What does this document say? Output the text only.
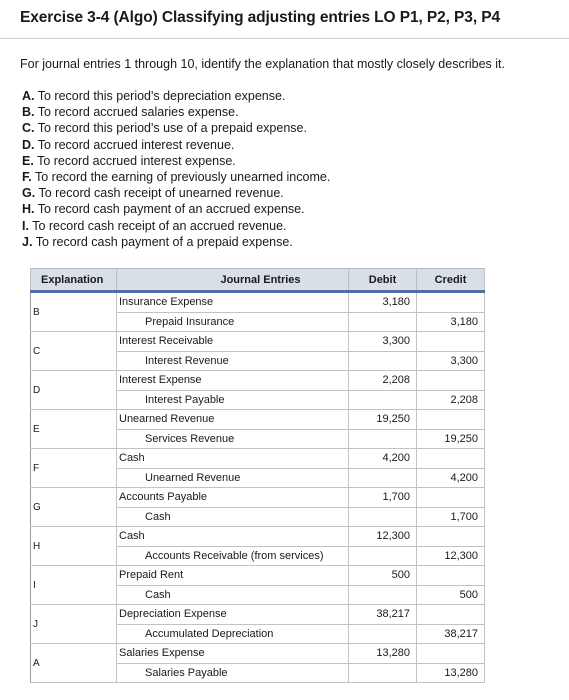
Exercise 3-4 (Algo) Classifying adjusting entries LO P1, P2, P3, P4
For journal entries 1 through 10, identify the explanation that mostly closely describes it.
A. To record this period's depreciation expense.
B. To record accrued salaries expense.
C. To record this period's use of a prepaid expense.
D. To record accrued interest revenue.
E. To record accrued interest expense.
F. To record the earning of previously unearned income.
G. To record cash receipt of unearned revenue.
H. To record cash payment of an accrued expense.
I. To record cash receipt of an accrued revenue.
J. To record cash payment of a prepaid expense.
Explanation	Journal Entries	Debit	Credit
B	Insurance Expense	3,180	
	Prepaid Insurance		3,180
C	Interest Receivable	3,300	
	Interest Revenue		3,300
D	Interest Expense	2,208	
	Interest Payable		2,208
E	Unearned Revenue	19,250	
	Services Revenue		19,250
F	Cash	4,200	
	Unearned Revenue		4,200
G	Accounts Payable	1,700	
	Cash		1,700
H	Cash	12,300	
	Accounts Receivable (from services)		12,300
I	Prepaid Rent	500	
	Cash		500
J	Depreciation Expense	38,217	
	Accumulated Depreciation		38,217
A	Salaries Expense	13,280	
	Salaries Payable		13,280
